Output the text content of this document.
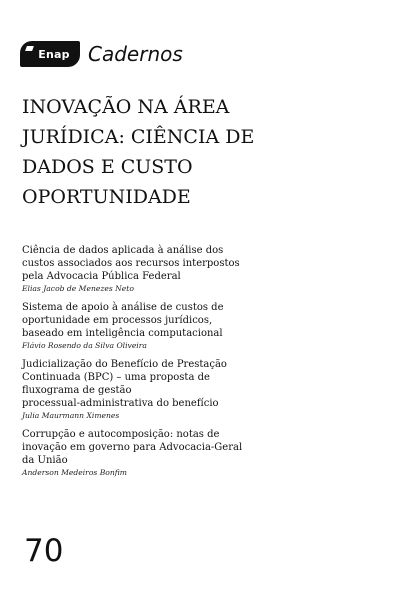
Enap Cadernos
INOVAÇÃO NA ÁREA
JURÍDICA: CIÊNCIA DE
DADOS E CUSTO
OPORTUNIDADE
Ciência de dados aplicada à análise dos
custos associados aos recursos interpostos
pela Advocacia Pública Federal
Elias Jacob de Menezes Neto
Sistema de apoio à análise de custos de
oportunidade em processos jurídicos,
baseado em inteligência computacional
Flávio Rosendo da Silva Oliveira
Judicialização do Benefício de Prestação
Continuada (BPC) – uma proposta de
fluxograma de gestão
processual-administrativa do benefício
Julia Maurmann Ximenes
Corrupção e autocomposição: notas de
inovação em governo para Advocacia-Geral
da União
Anderson Medeiros Bonfim
70
